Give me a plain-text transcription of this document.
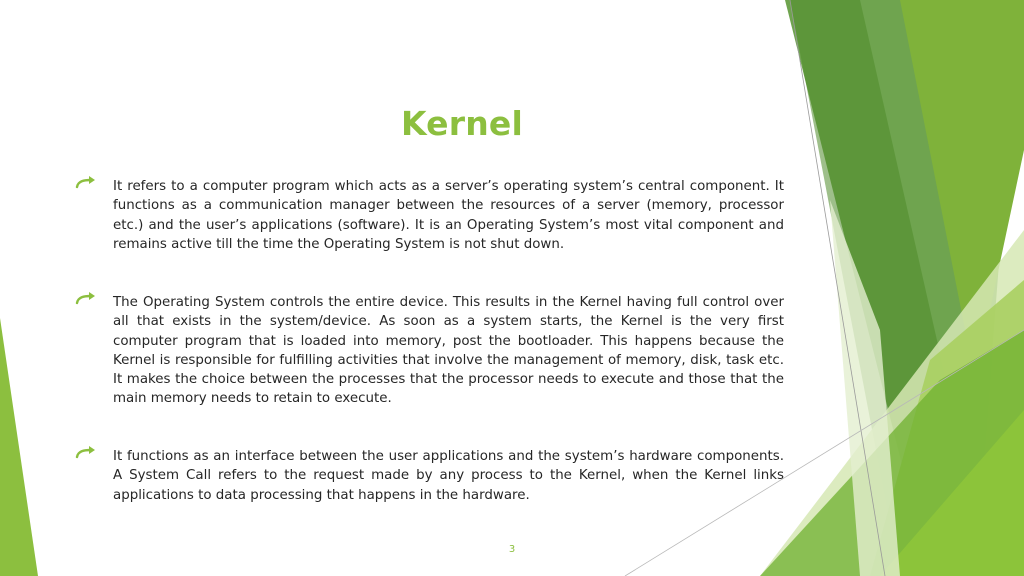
Kernel

It refers to a computer program which acts as a server’s operating system’s central component. It functions as a communication manager between the resources of a server (memory, processor etc.) and the user’s applications (software). It is an Operating System’s most vital component and remains active till the time the Operating System is not shut down.

The Operating System controls the entire device. This results in the Kernel having full control over all that exists in the system/device. As soon as a system starts, the Kernel is the very first computer program that is loaded into memory, post the bootloader. This happens because the Kernel is responsible for fulfilling activities that involve the management of memory, disk, task etc. It makes the choice between the processes that the processor needs to execute and those that the main memory needs to retain to execute.

It functions as an interface between the user applications and the system’s hardware components. A System Call refers to the request made by any process to the Kernel, when the Kernel links applications to data processing that happens in the hardware.

3
